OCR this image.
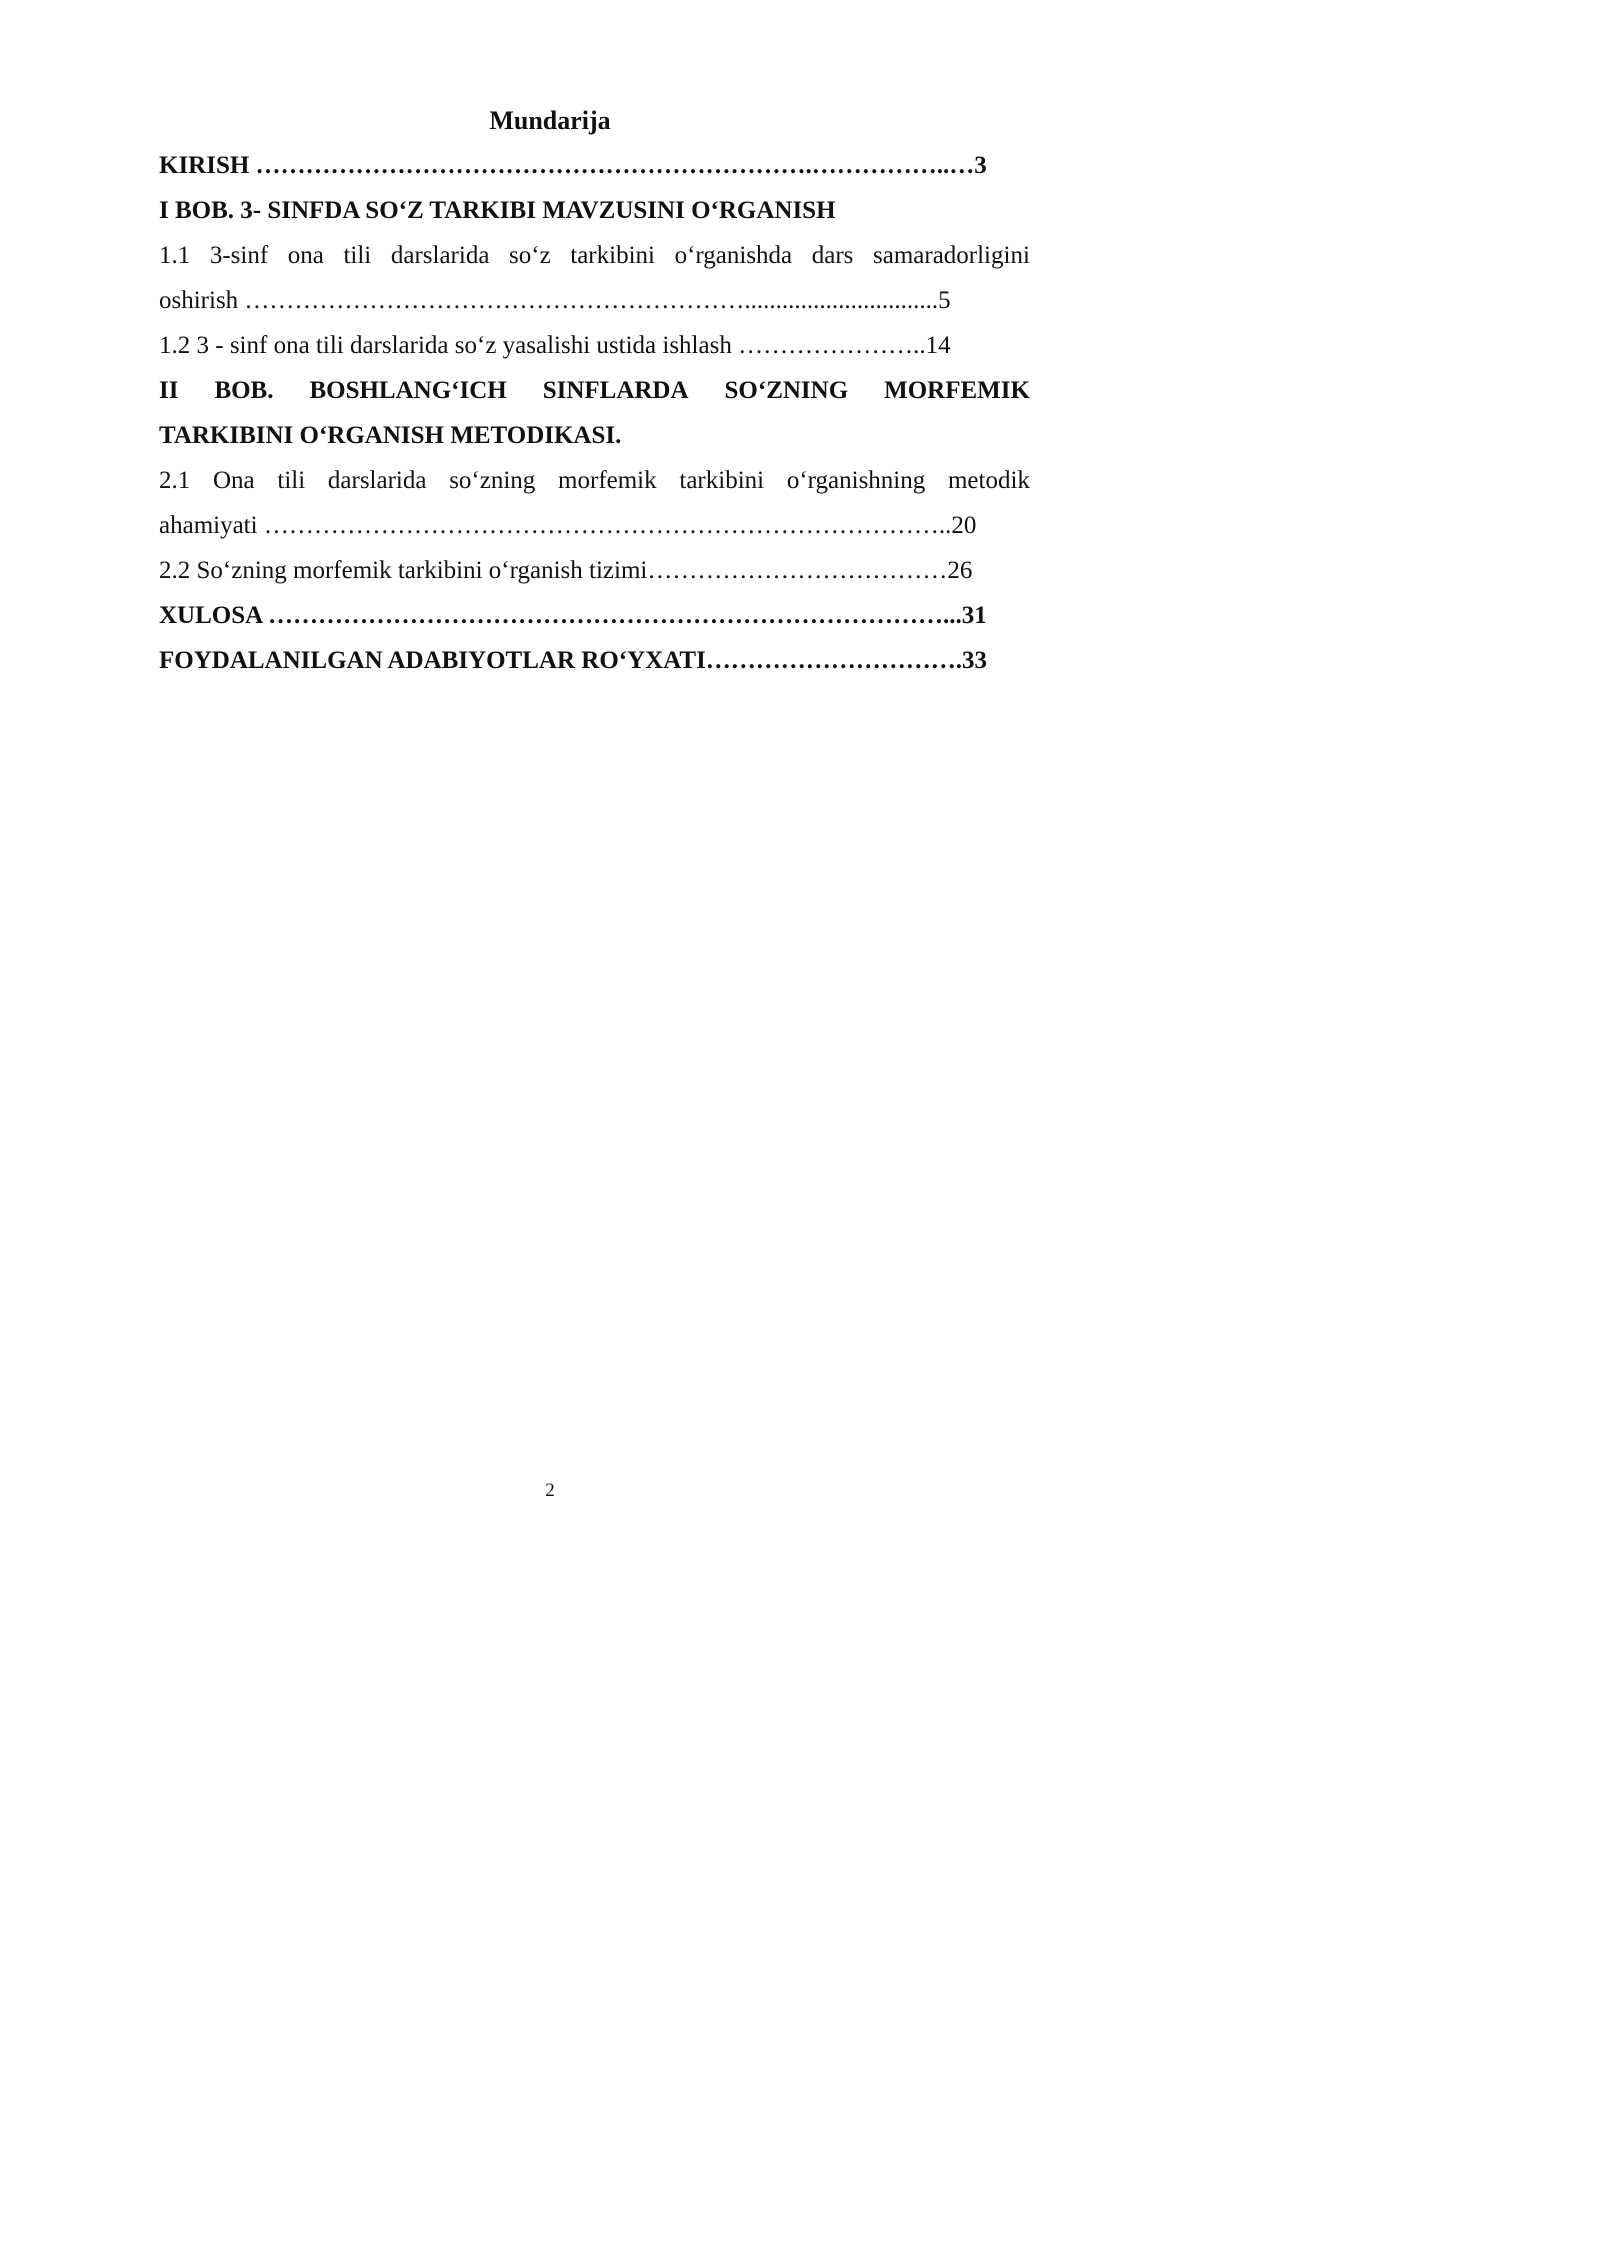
Mundarija
KIRISH ………………………………………………………….……………..…3
I BOB. 3- SINFDA SO‘Z TARKIBI MAVZUSINI O‘RGANISH
1.1 3-sinf ona tili darslarida so‘z tarkibini o‘rganishda dars samaradorligini
oshirish ……………………………………………………...............................5
1.2 3 - sinf ona tili darslarida so‘z yasalishi ustida ishlash …………………..14
II BOB. BOSHLANG‘ICH SINFLARDA SO‘ZNING MORFEMIK
TARKIBINI O‘RGANISH METODIKASI.
2.1 Ona tili darslarida so‘zning morfemik tarkibini o‘rganishning metodik
ahamiyati ………………………………………………………………………..20
2.2 So‘zning morfemik tarkibini o‘rganish tizimi………………………………26
XULOSA ………………………………………………………………………...31
FOYDALANILGAN ADABIYOTLAR RO‘YXATI………………………….33
2
